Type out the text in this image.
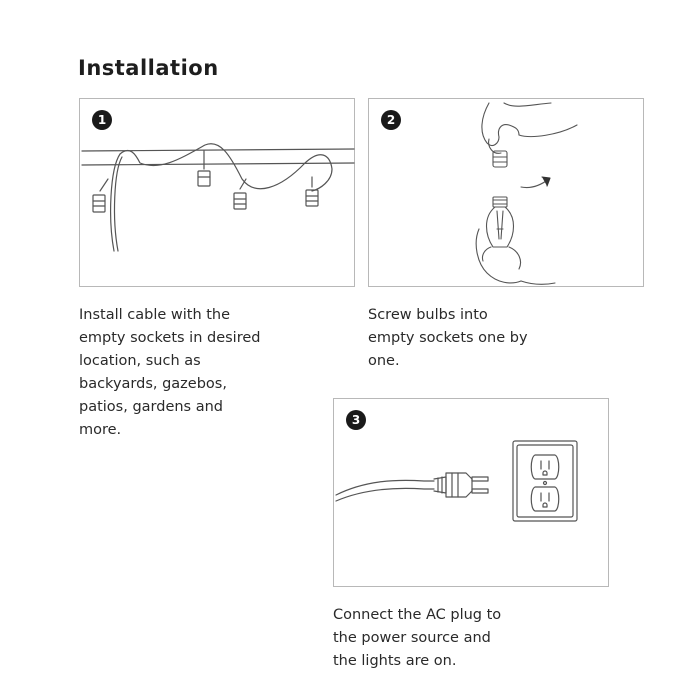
Installation
1	2
3
Install cable with the
empty sockets in desired
location, such as
backyards, gazebos,
patios, gardens and
more.
Screw bulbs into
empty sockets one by
one.
Connect the AC plug to
the power source and
the lights are on.
